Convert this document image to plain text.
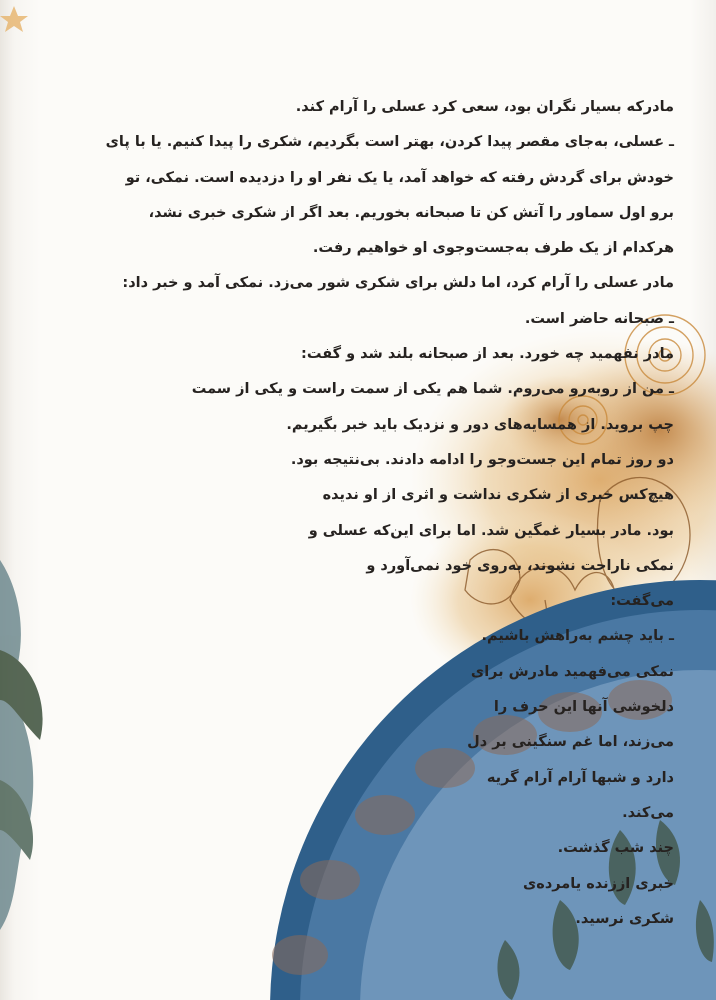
مادرکه بسیار نگران بود، سعی کرد عسلی را آرام کند.
ـ عسلی، به‌جای مقصر پیدا کردن، بهتر است بگردیم، شکری را پیدا کنیم. یا با پای
خودش برای گردش رفته‌ که خواهد آمد، یا یک نفر او را دزدیده است. نمکی، تو
برو اول سماور را آتش کن تا صبحانه بخوریم. بعد اگر از شکری خبری نشد،
هرکدام از یک طرف به‌جست‌وجوی او خواهیم رفت.
مادر عسلی را آرام کرد، اما دلش برای شکری شور می‌زد. نمکی آمد و خبر داد:
ـ صبحانه حاضر است.
مادر نفهمید چه خورد. بعد از صبحانه بلند شد و گفت:
ـ من از روبه‌رو می‌روم. شما هم یکی از سمت راست و یکی از سمت
چپ بروید. از همسایه‌های دور و نزدیک باید خبر بگیریم.
دو روز تمام این جست‌وجو را ادامه دادند. بی‌نتیجه بود.
هیچ‌کس خبری از شکری نداشت و اثری از او ندیده
بود. مادر بسیار غمگین شد. اما برای این‌که عسلی و
نمکی ناراحت نشوند، به‌روی خود نمی‌آورد و
می‌گفت:
ـ باید چشم به‌راهش باشیم.
نمکی می‌فهمید مادرش برای
دلخوشی آنها این حرف را
می‌زند، اما غم سنگینی بر دل
دارد و شبها آرام آرام گریه
می‌کند.
چند شب گذشت.
خبری اززنده یامرده‌ی
شکری نرسید.
